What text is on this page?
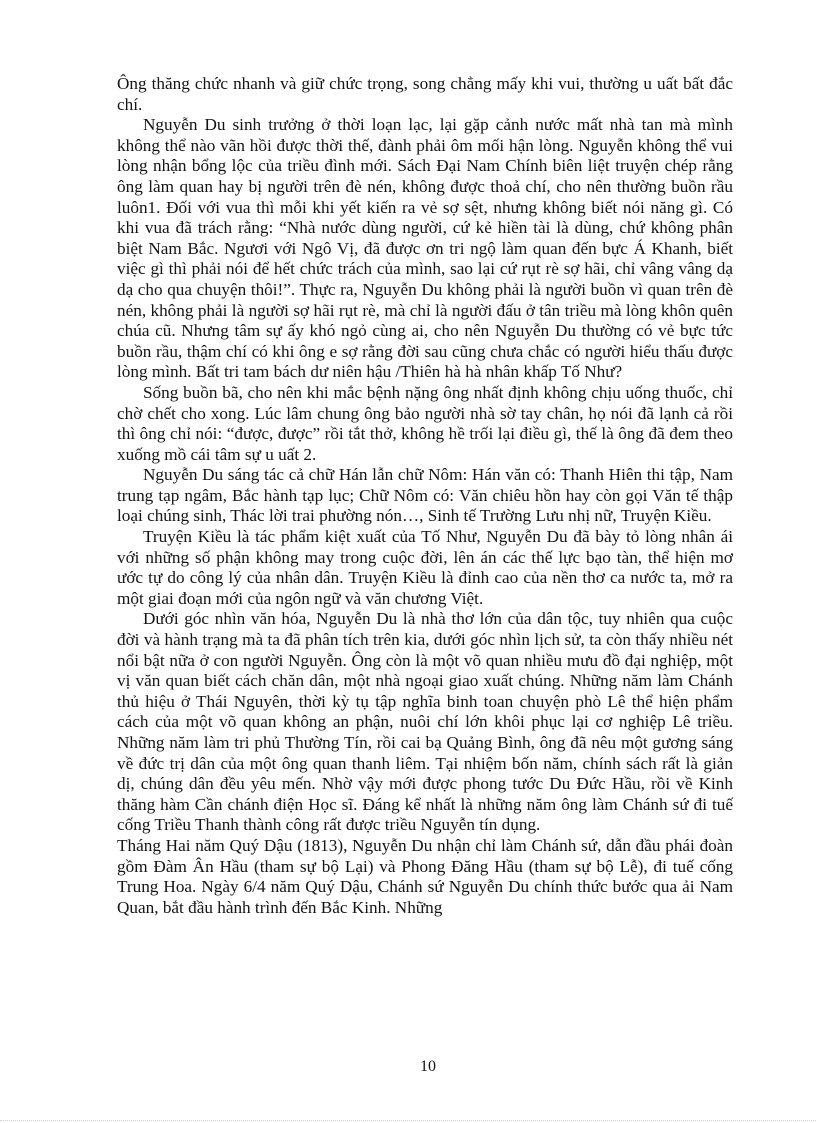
Ông thăng chức nhanh và giữ chức trọng, song chẳng mấy khi vui, thường u uất bất đắc chí.

Nguyễn Du sinh trưởng ở thời loạn lạc, lại gặp cảnh nước mất nhà tan mà mình không thể nào vãn hồi được thời thế, đành phải ôm mối hận lòng. Nguyễn không thể vui lòng nhận bổng lộc của triều đình mới. Sách Đại Nam Chính biên liệt truyện chép rằng ông làm quan hay bị người trên đè nén, không được thoả chí, cho nên thường buồn rầu luôn1. Đối với vua thì mỗi khi yết kiến ra vẻ sợ sệt, nhưng không biết nói năng gì. Có khi vua đã trách rằng: “Nhà nước dùng người, cứ kẻ hiền tài là dùng, chứ không phân biệt Nam Bắc. Ngươi với Ngô Vị, đã được ơn tri ngộ làm quan đến bực Á Khanh, biết việc gì thì phải nói để hết chức trách của mình, sao lại cứ rụt rè sợ hãi, chỉ vâng vâng dạ dạ cho qua chuyện thôi!”. Thực ra, Nguyễn Du không phải là người buồn vì quan trên đè nén, không phải là người sợ hãi rụt rè, mà chỉ là người đấu ở tân triều mà lòng khôn quên chúa cũ. Nhưng tâm sự ấy khó ngỏ cùng ai, cho nên Nguyễn Du thường có vẻ bực tức buồn rầu, thậm chí có khi ông e sợ rằng đời sau cũng chưa chắc có người hiểu thấu được lòng mình. Bất tri tam bách dư niên hậu /Thiên hà hà nhân khấp Tố Như?

Sống buồn bã, cho nên khi mắc bệnh nặng ông nhất định không chịu uống thuốc, chỉ chờ chết cho xong. Lúc lâm chung ông bảo người nhà sờ tay chân, họ nói đã lạnh cả rồi thì ông chỉ nói: “được, được” rồi tắt thở, không hề trối lại điều gì, thế là ông đã đem theo xuống mồ cái tâm sự u uất 2.

Nguyễn Du sáng tác cả chữ Hán lẫn chữ Nôm: Hán văn có: Thanh Hiên thi tập, Nam trung tạp ngâm, Bắc hành tạp lục; Chữ Nôm có: Văn chiêu hồn hay còn gọi Văn tế thập loại chúng sinh, Thác lời trai phường nón…, Sinh tế Trường Lưu nhị nữ, Truyện Kiều.

Truyện Kiều là tác phẩm kiệt xuất của Tố Như, Nguyễn Du đã bày tỏ lòng nhân ái với những số phận không may trong cuộc đời, lên án các thế lực bạo tàn, thể hiện mơ ước tự do công lý của nhân dân. Truyện Kiều là đỉnh cao của nền thơ ca nước ta, mở ra một giai đoạn mới của ngôn ngữ và văn chương Việt.

Dưới góc nhìn văn hóa, Nguyễn Du là nhà thơ lớn của dân tộc, tuy nhiên qua cuộc đời và hành trạng mà ta đã phân tích trên kia, dưới góc nhìn lịch sử, ta còn thấy nhiều nét nổi bật nữa ở con người Nguyễn. Ông còn là một võ quan nhiều mưu đồ đại nghiệp, một vị văn quan biết cách chăn dân, một nhà ngoại giao xuất chúng. Những năm làm Chánh thủ hiệu ở Thái Nguyên, thời kỳ tụ tập nghĩa binh toan chuyện phò Lê thể hiện phẩm cách của một võ quan không an phận, nuôi chí lớn khôi phục lại cơ nghiệp Lê triều. Những năm làm tri phủ Thường Tín, rồi cai bạ Quảng Bình, ông đã nêu một gương sáng về đức trị dân của một ông quan thanh liêm. Tại nhiệm bốn năm, chính sách rất là giản dị, chúng dân đều yêu mến. Nhờ vậy mới được phong tước Du Đức Hầu, rồi về Kinh thăng hàm Cần chánh điện Học sĩ. Đáng kể nhất là những năm ông làm Chánh sứ đi tuế cống Triều Thanh thành công rất được triều Nguyễn tín dụng.

Tháng Hai năm Quý Dậu (1813), Nguyễn Du nhận chỉ làm Chánh sứ, dẫn đầu phái đoàn gồm Đàm Ân Hầu (tham sự bộ Lại) và Phong Đăng Hầu (tham sự bộ Lễ), đi tuế cống Trung Hoa. Ngày 6/4 năm Quý Dậu, Chánh sứ Nguyễn Du chính thức bước qua ải Nam Quan, bắt đầu hành trình đến Bắc Kinh. Những

10
